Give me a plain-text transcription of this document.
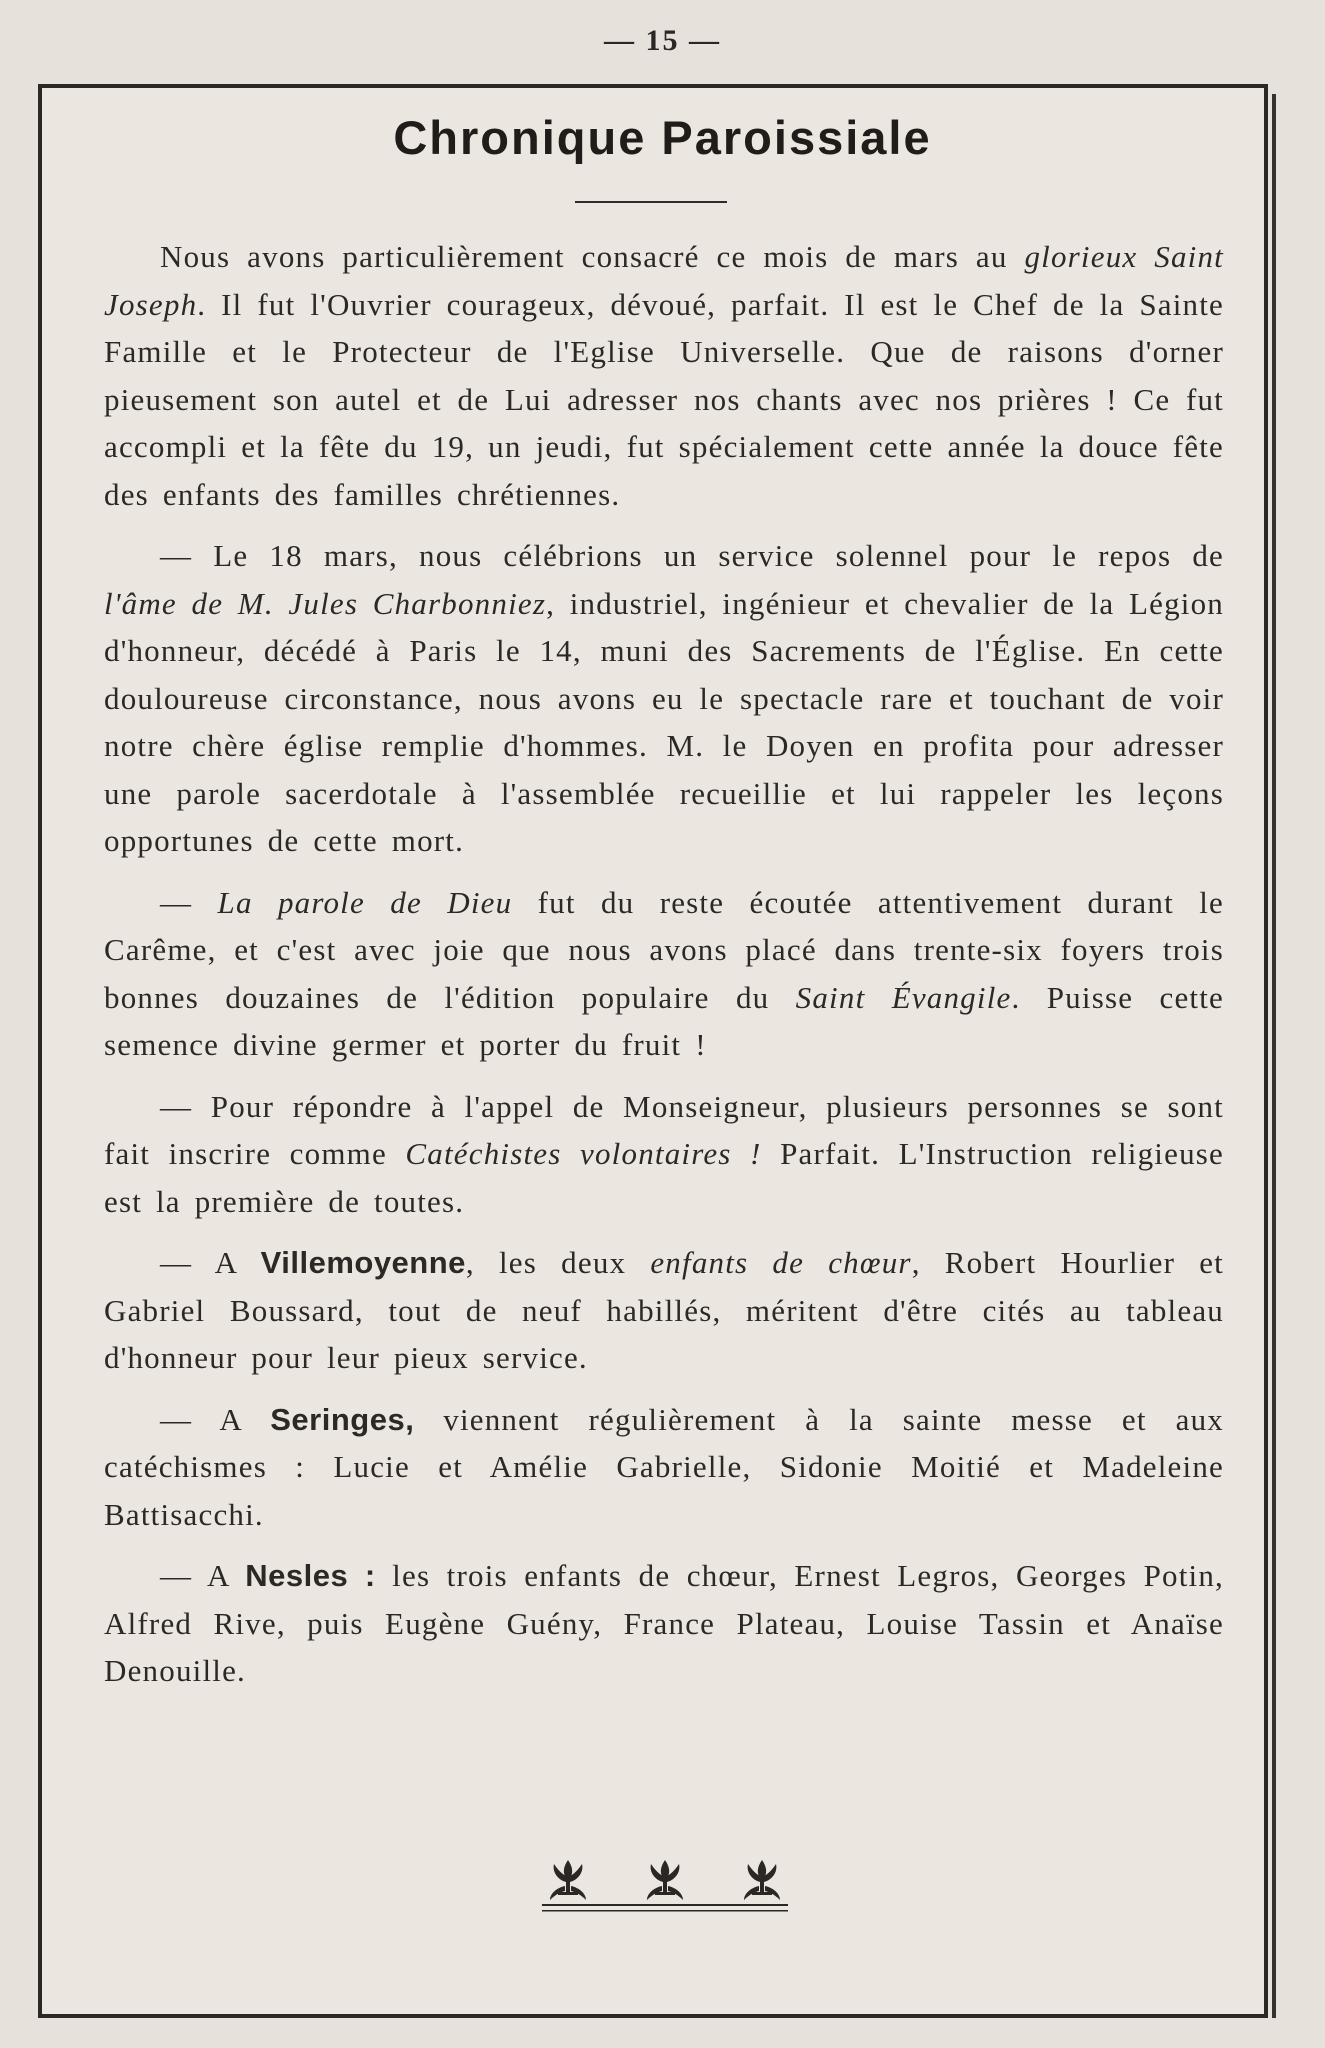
— 15 —
Chronique Paroissiale

Nous avons particulièrement consacré ce mois de mars au glorieux Saint Joseph. Il fut l'Ouvrier courageux, dévoué, parfait. Il est le Chef de la Sainte Famille et le Protecteur de l'Eglise Universelle. Que de raisons d'orner pieusement son autel et de Lui adresser nos chants avec nos prières ! Ce fut accompli et la fête du 19, un jeudi, fut spécialement cette année la douce fête des enfants des familles chrétiennes.

— Le 18 mars, nous célébrions un service solennel pour le repos de l'âme de M. Jules Charbonniez, industriel, ingénieur et chevalier de la Légion d'honneur, décédé à Paris le 14, muni des Sacrements de l'Église. En cette douloureuse circonstance, nous avons eu le spectacle rare et touchant de voir notre chère église remplie d'hommes. M. le Doyen en profita pour adresser une parole sacerdotale à l'assemblée recueillie et lui rappeler les leçons opportunes de cette mort.

— La parole de Dieu fut du reste écoutée attentivement durant le Carême, et c'est avec joie que nous avons placé dans trente-six foyers trois bonnes douzaines de l'édition populaire du Saint Évangile. Puisse cette semence divine germer et porter du fruit !

— Pour répondre à l'appel de Monseigneur, plusieurs personnes se sont fait inscrire comme Catéchistes volontaires ! Parfait. L'Instruction religieuse est la première de toutes.

— A Villemoyenne, les deux enfants de chœur, Robert Hourlier et Gabriel Boussard, tout de neuf habillés, méritent d'être cités au tableau d'honneur pour leur pieux service.

— A Seringes, viennent régulièrement à la sainte messe et aux catéchismes : Lucie et Amélie Gabrielle, Sidonie Moitié et Madeleine Battisacchi.

— A Nesles : les trois enfants de chœur, Ernest Legros, Georges Potin, Alfred Rive, puis Eugène Guény, France Plateau, Louise Tassin et Anaïse Denouille.
